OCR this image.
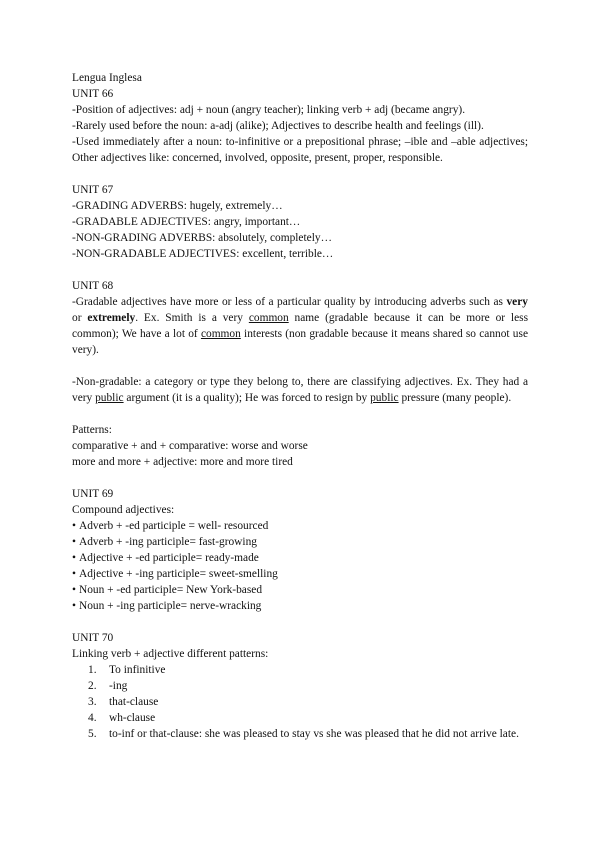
Lengua Inglesa

UNIT 66

-Position of adjectives: adj + noun (angry teacher); linking verb + adj (became angry).

-Rarely used before the noun: a-adj (alike); Adjectives to describe health and feelings (ill).

-Used immediately after a noun: to-infinitive or a prepositional phrase; –ible and –able adjectives; Other adjectives like: concerned, involved, opposite, present, proper, responsible.

UNIT 67

-GRADING ADVERBS: hugely, extremely…

-GRADABLE ADJECTIVES: angry, important…

-NON-GRADING ADVERBS: absolutely, completely…

-NON-GRADABLE ADJECTIVES: excellent, terrible…

UNIT 68

-Gradable adjectives have more or less of a particular quality by introducing adverbs such as very or extremely. Ex. Smith is a very common name (gradable because it can be more or less common); We have a lot of common interests (non gradable because it means shared so cannot use very).

-Non-gradable: a category or type they belong to, there are classifying adjectives. Ex. They had a very public argument (it is a quality); He was forced to resign by public pressure (many people).

Patterns:

comparative + and + comparative: worse and worse

more and more + adjective: more and more tired

UNIT 69

Compound adjectives:

• Adverb + -ed participle = well- resourced
• Adverb + -ing participle= fast-growing
• Adjective + -ed participle= ready-made
• Adjective + -ing participle= sweet-smelling
• Noun + -ed participle= New York-based
• Noun + -ing participle= nerve-wracking

UNIT 70

Linking verb + adjective different patterns:

1. To infinitive
2. -ing
3. that-clause
4. wh-clause
5. to-inf or that-clause: she was pleased to stay vs she was pleased that he did not arrive late.
